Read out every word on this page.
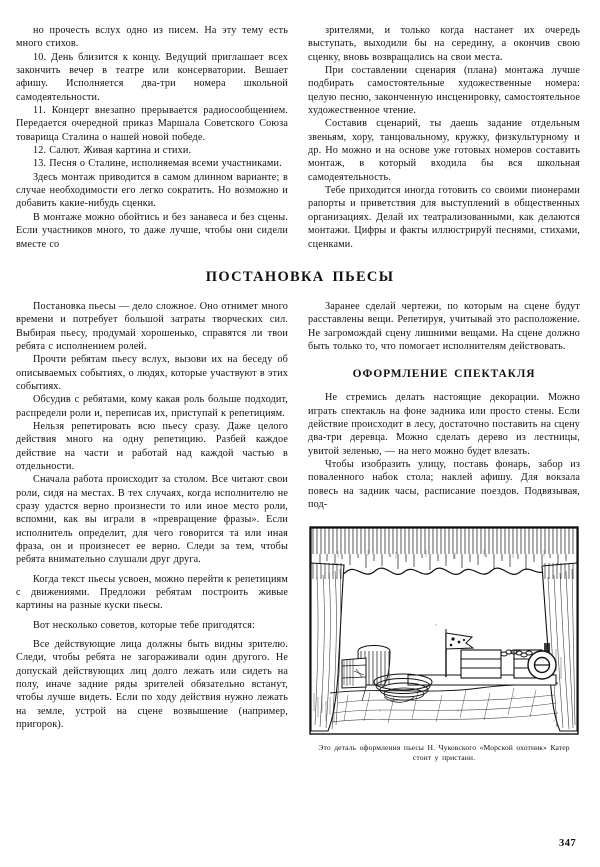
но прочесть вслух одно из писем. На эту тему есть много стихов.

10. День близится к концу. Ведущий приглашает всех закончить вечер в театре или консерватории. Вешает афишу. Исполняется два-три номера школьной самодеятельности.

11. Концерт внезапно прерывается радиосообщением. Передается очередной приказ Маршала Советского Союза товарища Сталина о нашей новой победе.

12. Салют. Живая картина и стихи.

13. Песня о Сталине, исполняемая всеми участниками.

Здесь монтаж приводится в самом длинном варианте; в случае необходимости его легко сократить. Но возможно и добавить какие-нибудь сценки.

В монтаже можно обойтись и без занавеса и без сцены. Если участников много, то даже лучше, чтобы они сидели вместе со

зрителями, и только когда настанет их очередь выступать, выходили бы на середину, а окончив свою сценку, вновь возвращались на свои места.

При составлении сценария (плана) монтажа лучше подбирать самостоятельные художественные номера: целую песню, законченную инсценировку, самостоятельное художественное чтение.

Составив сценарий, ты даешь задание отдельным звеньям, хору, танцовальному, кружку, физкультурному и др. Но можно и на основе уже готовых номеров составить монтаж, в который входила бы вся школьная самодеятельность.

Тебе приходится иногда готовить со своими пионерами рапорты и приветствия для выступлений в общественных организациях. Делай их театрализованными, как делаются монтажи. Цифры и факты иллюстрируй песнями, стихами, сценками.

ПОСТАНОВКА ПЬЕСЫ

Постановка пьесы — дело сложное. Оно отнимет много времени и потребует большой затраты творческих сил. Выбирая пьесу, продумай хорошенько, справятся ли твои ребята с исполнением ролей.

Прочти ребятам пьесу вслух, вызови их на беседу об описываемых событиях, о людях, которые участвуют в этих событиях.

Обсудив с ребятами, кому какая роль больше подходит, распредели роли и, переписав их, приступай к репетициям.

Нельзя репетировать всю пьесу сразу. Даже целого действия много на одну репетицию. Разбей каждое действие на части и работай над каждой частью в отдельности.

Сначала работа происходит за столом. Все читают свои роли, сидя на местах. В тех случаях, когда исполнителю не сразу удастся верно произнести то или иное место роли, вспомни, как вы играли в «превращение фразы». Если исполнитель определит, для чего говорится та или иная фраза, он и произнесет ее верно. Следи за тем, чтобы ребята внимательно слушали друг друга.

Когда текст пьесы усвоен, можно перейти к репетициям с движениями. Предложи ребятам построить живые картины на разные куски пьесы.

Вот несколько советов, которые тебе пригодятся:

Все действующие лица должны быть видны зрителю. Следи, чтобы ребята не загораживали один другого. Не допускай действующих лиц долго лежать или сидеть на полу, иначе задние ряды зрителей обязательно встанут, чтобы лучше видеть. Если по ходу действия нужно лежать на земле, устрой на сцене возвышение (например, пригорок).

Заранее сделай чертежи, по которым на сцене будут расставлены вещи. Репетируя, учитывай это расположение. Не загромождай сцену лишними вещами. На сцене должно быть только то, что помогает исполнителям действовать.

ОФОРМЛЕНИЕ СПЕКТАКЛЯ

Не стремись делать настоящие декорации. Можно играть спектакль на фоне задника или просто стены. Если действие происходит в лесу, достаточно поставить на сцену два-три деревца. Можно сделать дерево из лестницы, увитой зеленью, — на него можно будет влезать.

Чтобы изобразить улицу, поставь фонарь, забор из поваленного набок стола; наклей афишу. Для вокзала повесь на задник часы, расписание поездов. Подвязывая, под-

Это деталь оформления пьесы Н. Чуковского «Морской охотник» Катер стоит у пристани.
347
